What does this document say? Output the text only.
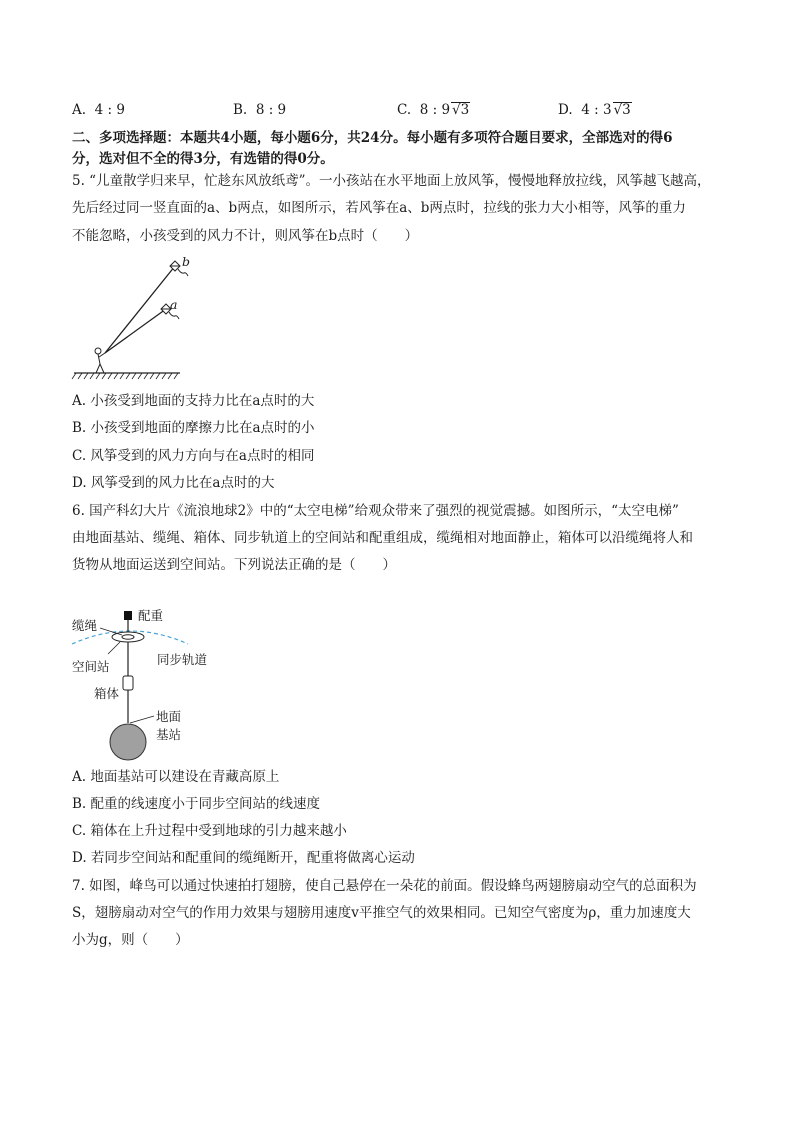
A. 4 : 9	B. 8 : 9	C. 8 : 9 √3	D. 4 : 3 √3
二、多项选择题：本题共4小题，每小题6分，共24分。每小题有多项符合题目要求，全部选对的得6
分，选对但不全的得3分，有选错的得0分。
5. “儿童散学归来早，忙趁东风放纸鸢”。一小孩站在水平地面上放风筝，慢慢地释放拉线，风筝越飞越高，
先后经过同一竖直面的a、b两点，如图所示，若风筝在a、b两点时，拉线的张力大小相等，风筝的重力
不能忽略，小孩受到的风力不计，则风筝在b点时（　　）
b
a
A. 小孩受到地面的支持力比在a点时的大
B. 小孩受到地面的摩擦力比在a点时的小
C. 风筝受到的风力方向与在a点时的相同
D. 风筝受到的风力比在a点时的大
6. 国产科幻大片《流浪地球2》中的“太空电梯”给观众带来了强烈的视觉震撼。如图所示，“太空电梯”
由地面基站、缆绳、箱体、同步轨道上的空间站和配重组成，缆绳相对地面静止，箱体可以沿缆绳将人和
货物从地面运送到空间站。下列说法正确的是（　　）
配重
缆绳
空间站	同步轨道
箱体
地面
基站
A. 地面基站可以建设在青藏高原上
B. 配重的线速度小于同步空间站的线速度
C. 箱体在上升过程中受到地球的引力越来越小
D. 若同步空间站和配重间的缆绳断开，配重将做离心运动
7. 如图，峰鸟可以通过快速拍打翅膀，使自己悬停在一朵花的前面。假设蜂鸟两翅膀扇动空气的总面积为
S，翅膀扇动对空气的作用力效果与翅膀用速度v平推空气的效果相同。已知空气密度为ρ，重力加速度大
小为g，则（　　）
